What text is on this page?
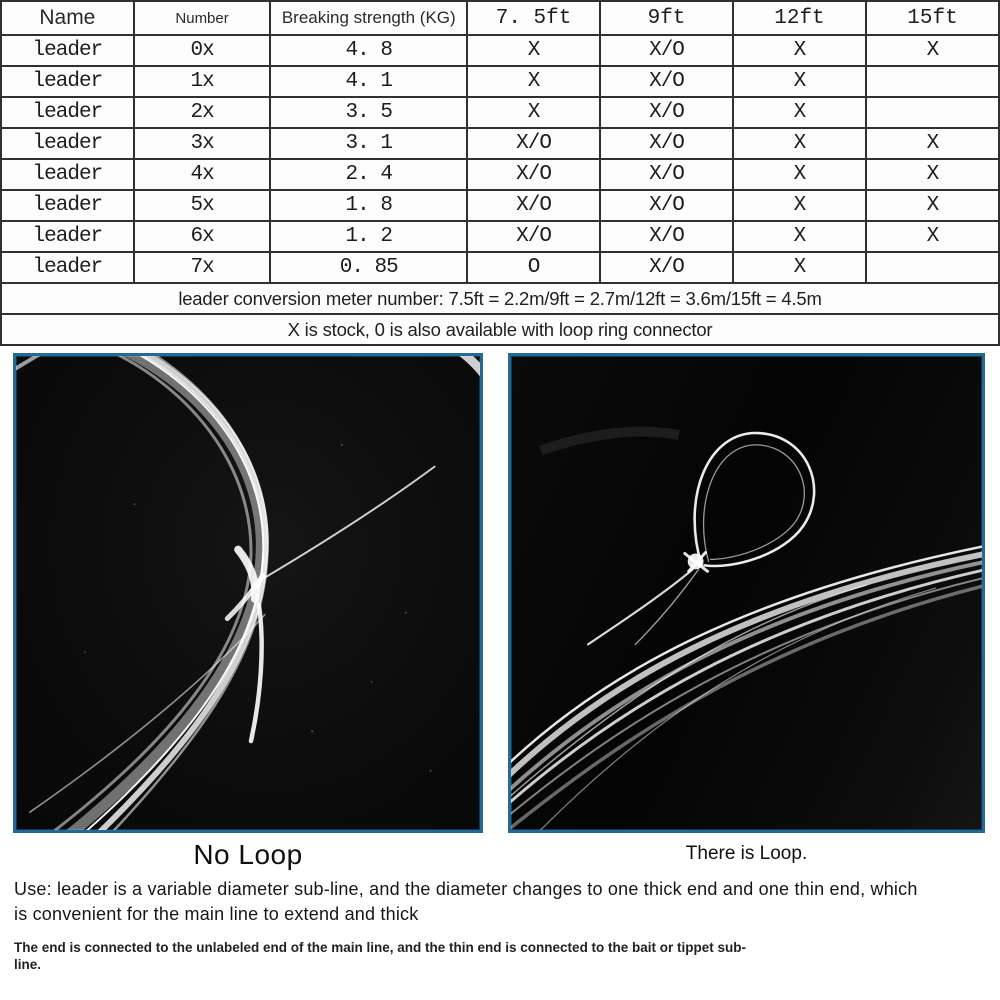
Name	Number	Breaking strength (KG)	7. 5ft	9ft	12ft	15ft
leader	0x	4. 8	X	X/O	X	X
leader	1x	4. 1	X	X/O	X	
leader	2x	3. 5	X	X/O	X	
leader	3x	3. 1	X/O	X/O	X	X
leader	4x	2. 4	X/O	X/O	X	X
leader	5x	1. 8	X/O	X/O	X	X
leader	6x	1. 2	X/O	X/O	X	X
leader	7x	0. 85	O	X/O	X	
leader conversion meter number: 7.5ft = 2.2m/9ft = 2.7m/12ft = 3.6m/15ft = 4.5m						
X is stock, 0 is also available with loop ring connector						
No Loop	There is Loop.

Use: leader is a variable diameter sub-line, and the diameter changes to one thick end and one thin end, which
is convenient for the main line to extend and thick

The end is connected to the unlabeled end of the main line, and the thin end is connected to the bait or tippet sub-
line.
